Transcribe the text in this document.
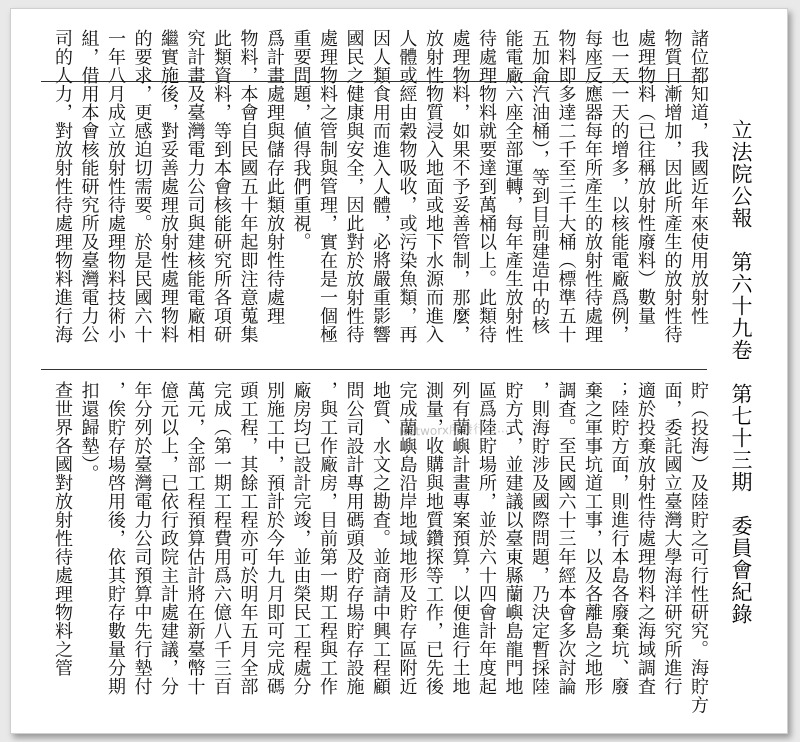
立法院公報　第六十九卷　第七十三期　委員會紀錄
諸位都知道，我國近年來使用放射性
物質日漸增加，因此所產生的放射性待
處理物料（已往稱放射性廢料）數量
也一天一天的增多，以核能電廠爲例，
每座反應器每年所產生的放射性待處理
物料即多達二千至三千大桶（標準五十
五加侖汽油桶），等到目前建造中的核
能電廠六座全部運轉，每年產生放射性
待處理物料就要達到萬桶以上。此類待
處理物料，如果不予妥善管制，那麼，
放射性物質浸入地面或地下水源而進入
人體或經由穀物吸收，或污染魚類，再
因人類食用而進入人體，必將嚴重影響
國民之健康與安全，因此對於放射性待
處理物料之管制與管理，實在是一個極
重要問題，値得我們重視。
爲計畫處理與儲存此類放射性待處理
物料，本會自民國五十年起即注意蒐集
此類資料，等到本會核能研究所各項研
究計畫及臺灣電力公司與建核能電廠相
繼實施後，對妥善處理放射性處理物料
的要求，更感迫切需要。於是民國六十
一年八月成立放射性待處理物料技術小
組，借用本會核能研究所及臺灣電力公
司的人力，對放射性待處理物料進行海
貯（投海）及陸貯之可行性研究。海貯方
面，委託國立臺灣大學海洋研究所進行
適於投棄放射性待處理物料之海域調査
；陸貯方面，則進行本島各廢棄坑、廢
棄之軍事坑道工事，以及各離島之地形
調査。至民國六十三年經本會多次討論
，則海貯涉及國際問題，乃決定暫採陸
貯方式，並建議以臺東縣蘭嶼島龍門地
區爲陸貯場所，並於六十四會計年度起
列有蘭嶼計畫專案預算，以便進行土地
測量，收購與地質鑽探等工作，已先後
完成蘭嶼島沿岸地域地形及貯存區附近
地質、水文之勘査。並商請中興工程顧
問公司設計專用碼頭及貯存場貯存設施
，與工作廠房，目前第一期工程與工作
廠房均已設計完竣，並由榮民工程處分
別施工中，預計於今年九月即可完成碼
頭工程，其餘工程亦可於明年五月全部
完成（第一期工程費用爲六億八千三百
萬元，全部工程預算估計將在新臺幣十
億元以上，已依行政院主計處建議，分
年分列於臺灣電力公司預算中先行墊付
，俟貯存場啓用後，依其貯存數量分期
扣還歸墊）。
查世界各國對放射性待處理物料之管	Networx所發行之...
